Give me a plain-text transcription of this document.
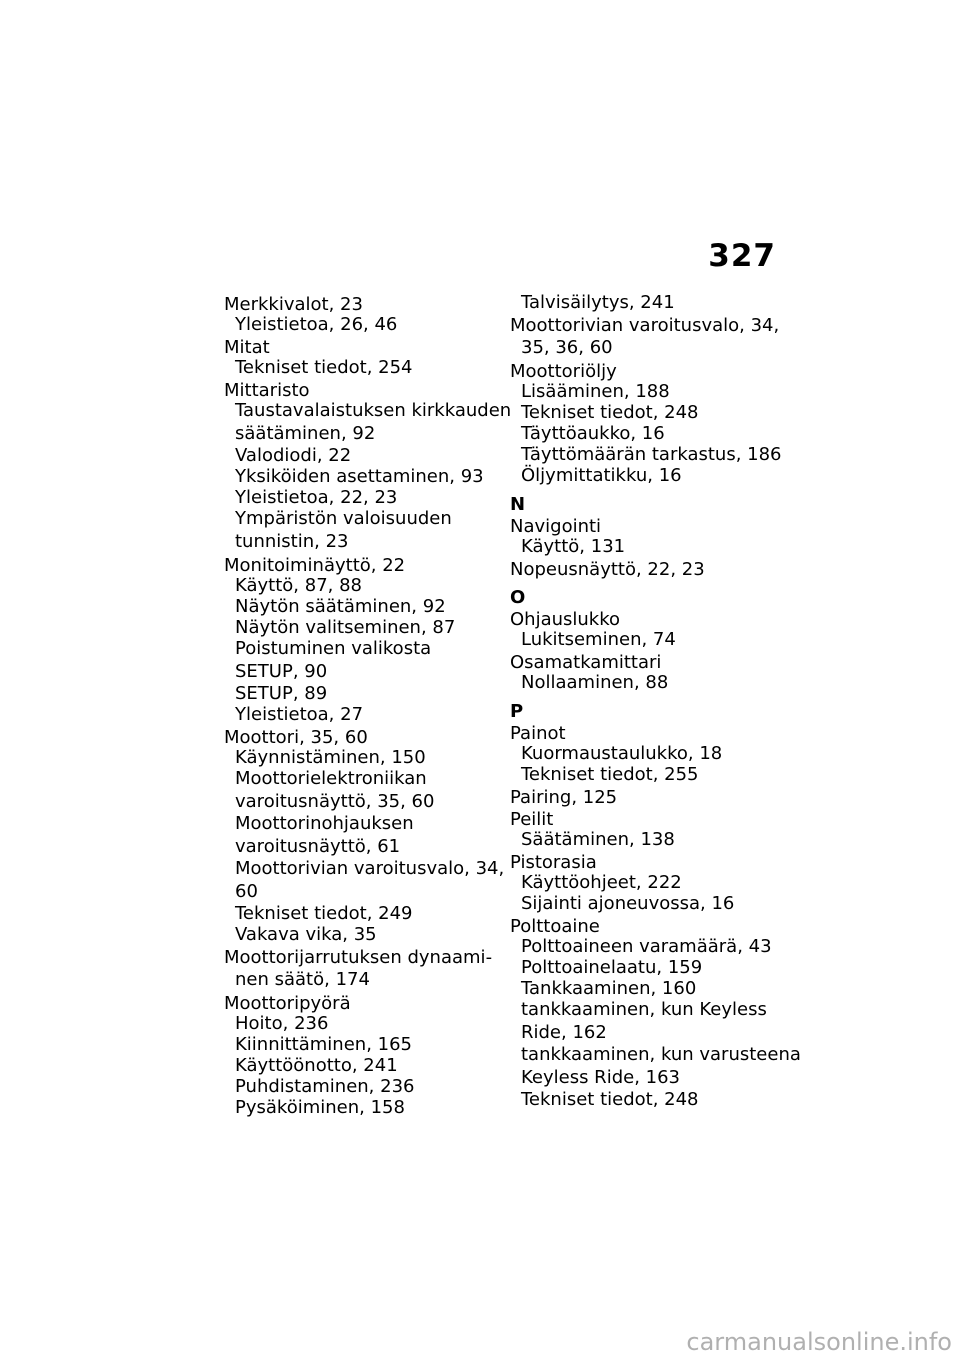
327
Merkkivalot, 23
Yleistietoa, 26, 46
Mitat
Tekniset tiedot, 254
Mittaristo
Taustavalaistuksen kirkkauden
säätäminen, 92
Valodiodi, 22
Yksiköiden asettaminen, 93
Yleistietoa, 22, 23
Ympäristön valoisuuden
tunnistin, 23
Monitoiminäyttö, 22
Käyttö, 87, 88
Näytön säätäminen, 92
Näytön valitseminen, 87
Poistuminen valikosta
SETUP, 90
SETUP, 89
Yleistietoa, 27
Moottori, 35, 60
Käynnistäminen, 150
Moottorielektroniikan
varoitusnäyttö, 35, 60
Moottorinohjauksen
varoitusnäyttö, 61
Moottorivian varoitusvalo, 34,
60
Tekniset tiedot, 249
Vakava vika, 35
Moottorijarrutuksen dynaami-
nen säätö, 174
Moottoripyörä
Hoito, 236
Kiinnittäminen, 165
Käyttöönotto, 241
Puhdistaminen, 236
Pysäköiminen, 158
Talvisäilytys, 241
Moottorivian varoitusvalo, 34,
35, 36, 60
Moottoriöljy
Lisääminen, 188
Tekniset tiedot, 248
Täyttöaukko, 16
Täyttömäärän tarkastus, 186
Öljymittatikku, 16
N
Navigointi
Käyttö, 131
Nopeusnäyttö, 22, 23
O
Ohjauslukko
Lukitseminen, 74
Osamatkamittari
Nollaaminen, 88
P
Painot
Kuormaustaulukko, 18
Tekniset tiedot, 255
Pairing, 125
Peilit
Säätäminen, 138
Pistorasia
Käyttöohjeet, 222
Sijainti ajoneuvossa, 16
Polttoaine
Polttoaineen varamäärä, 43
Polttoainelaatu, 159
Tankkaaminen, 160
tankkaaminen, kun Keyless
Ride, 162
tankkaaminen, kun varusteena
Keyless Ride, 163
Tekniset tiedot, 248
carmanualsonline.info
